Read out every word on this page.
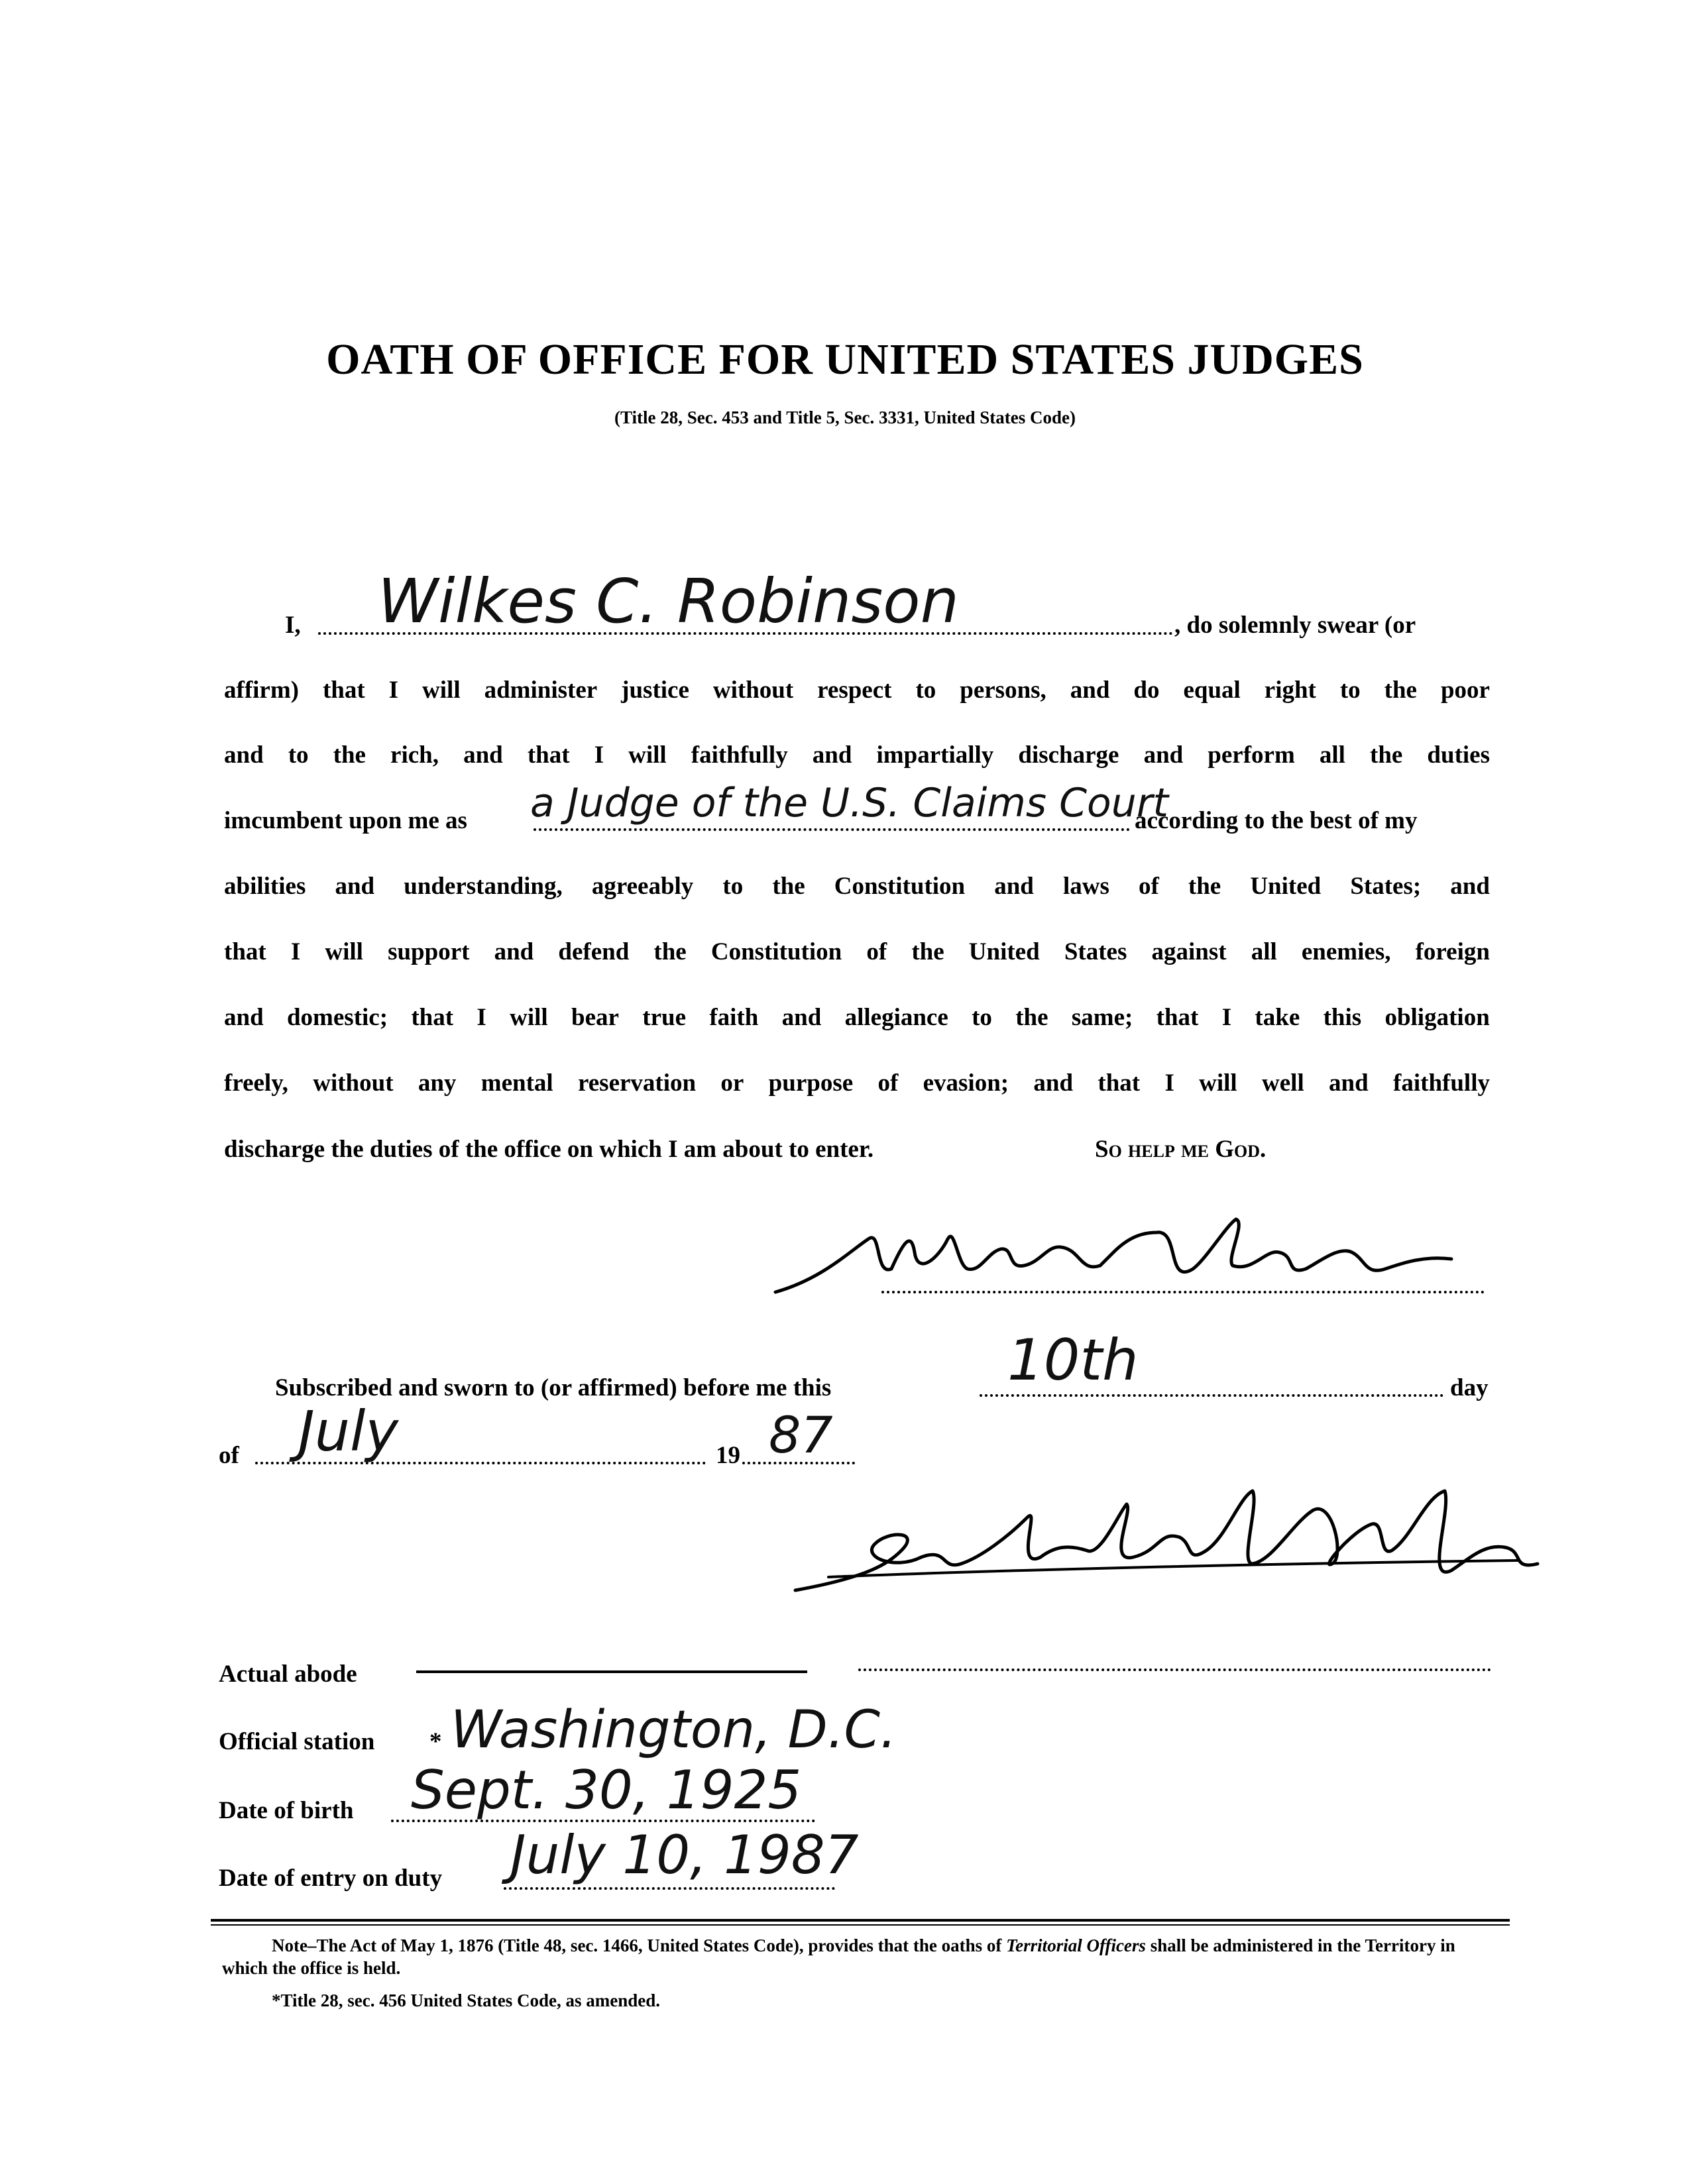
OATH OF OFFICE FOR UNITED STATES JUDGES
(Title 28, Sec. 453 and Title 5, Sec. 3331, United States Code)
I, Wilkes C. Robinson	, do solemnly swear (or
affirm) that I will administer justice without respect to persons, and do equal right to the poor
and to the rich, and that I will faithfully and impartially discharge and perform all the duties
imcumbent upon me as a Judge of the U.S. Claims Court
according to the best of my
abilities and understanding, agreeably to the Constitution and laws of the United States; and
that I will support and defend the Constitution of the United States against all enemies, foreign
and domestic; that I will bear true faith and allegiance to the same; that I take this obligation
freely, without any mental reservation or purpose of evasion; and that I will well and faithfully
discharge the duties of the office on which I am about to enter.	So help me God.
Subscribed and sworn to (or affirmed) before me this	10th	day
of July	19 87
Actual abode
Official station * Washington, D.C.
Date of birth Sept. 30, 1925
Date of entry on duty July 10, 1987
Note–The Act of May 1, 1876 (Title 48, sec. 1466, United States Code), provides that the oaths of Territorial Officers shall be administered in the Territory in which the office is held.
*Title 28, sec. 456 United States Code, as amended.
